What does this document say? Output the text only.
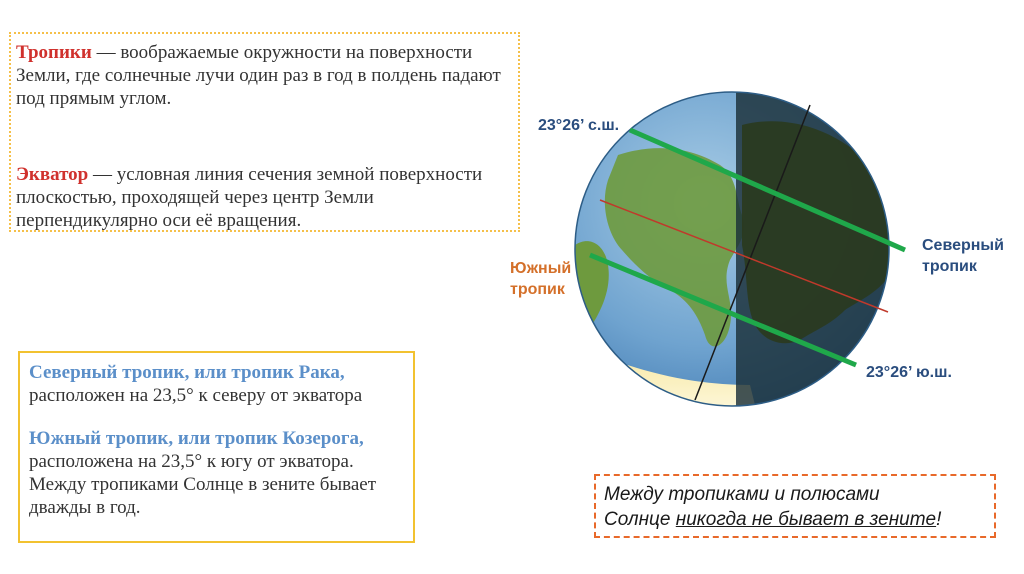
Тропики — воображаемые окружности на поверхности Земли, где солнечные лучи один раз в год в полдень падают под прямым углом.
Экватор — условная линия сечения земной поверхности плоскостью, проходящей через центр Земли перпендикулярно оси её вращения.
Северный тропик, или тропик Рака,
расположен на 23,5° к северу от экватора
Южный тропик, или тропик Козерога,
расположена на 23,5° к югу от экватора.
Между тропиками Солнце в зените бывает дважды в год.
Между тропиками и полюсами
Солнце никогда не бывает в зените!
23°26’ с.ш.
Северный
тропик
Южный
тропик
23°26’ ю.ш.
